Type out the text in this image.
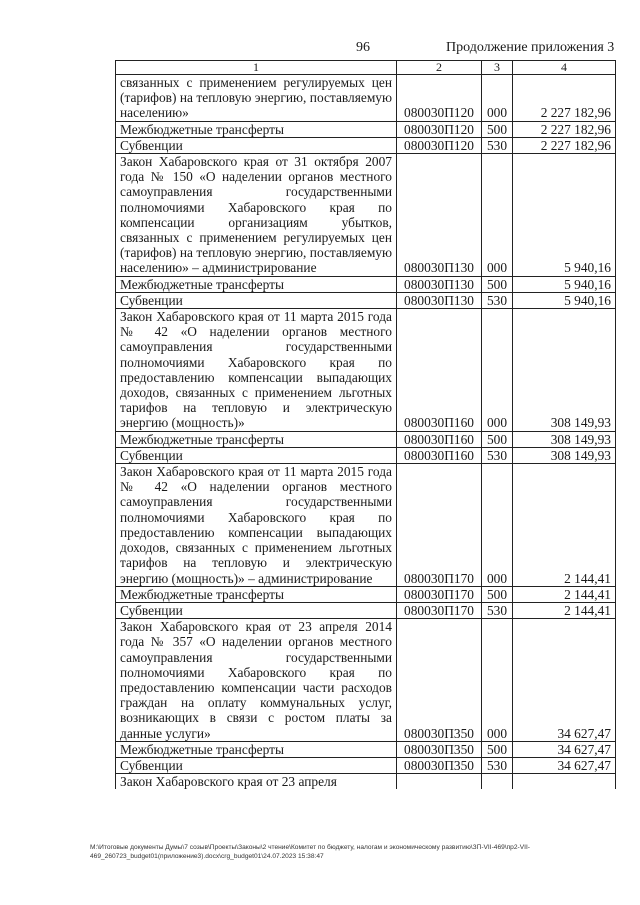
96	Продолжение приложения 3
1	2	3	4
связанных с применением регулируемых цен (тарифов) на тепловую энергию, поставляемую населению»	080030П120	000	2 227 182,96
Межбюджетные трансферты	080030П120	500	2 227 182,96
Субвенции	080030П120	530	2 227 182,96
Закон Хабаровского края от 31 октября 2007 года № 150 «О наделении органов местного самоуправления государственными полномочиями Хабаровского края по компенсации организациям убытков, связанных с применением регулируемых цен (тарифов) на тепловую энергию, поставляемую населению» – администрирование	080030П130	000	5 940,16
Межбюджетные трансферты	080030П130	500	5 940,16
Субвенции	080030П130	530	5 940,16
Закон Хабаровского края от 11 марта 2015 года № 42 «О наделении органов местного самоуправления государственными полномочиями Хабаровского края по предоставлению компенсации выпадающих доходов, связанных с применением льготных тарифов на тепловую и электрическую энергию (мощность)»	080030П160	000	308 149,93
Межбюджетные трансферты	080030П160	500	308 149,93
Субвенции	080030П160	530	308 149,93
Закон Хабаровского края от 11 марта 2015 года № 42 «О наделении органов местного самоуправления государственными полномочиями Хабаровского края по предоставлению компенсации выпадающих доходов, связанных с применением льготных тарифов на тепловую и электрическую энергию (мощность)» – администрирование	080030П170	000	2 144,41
Межбюджетные трансферты	080030П170	500	2 144,41
Субвенции	080030П170	530	2 144,41
Закон Хабаровского края от 23 апреля 2014 года № 357 «О наделении органов местного самоуправления государственными полномочиями Хабаровского края по предоставлению компенсации части расходов граждан на оплату коммунальных услуг, возникающих в связи с ростом платы за данные услуги»	080030П350	000	34 627,47
Межбюджетные трансферты	080030П350	500	34 627,47
Субвенции	080030П350	530	34 627,47
Закон Хабаровского края от 23 апреля			
М:\Итоговые документы Думы\7 созыв\Проекты\Законы\2 чтение\Комитет по бюджету, налогам и экономическому развитию\ЗП-VII-469\пр2-VII-469_260723_budget01(приложение3).docx\crg_budget01\24.07.2023 15:38:47
